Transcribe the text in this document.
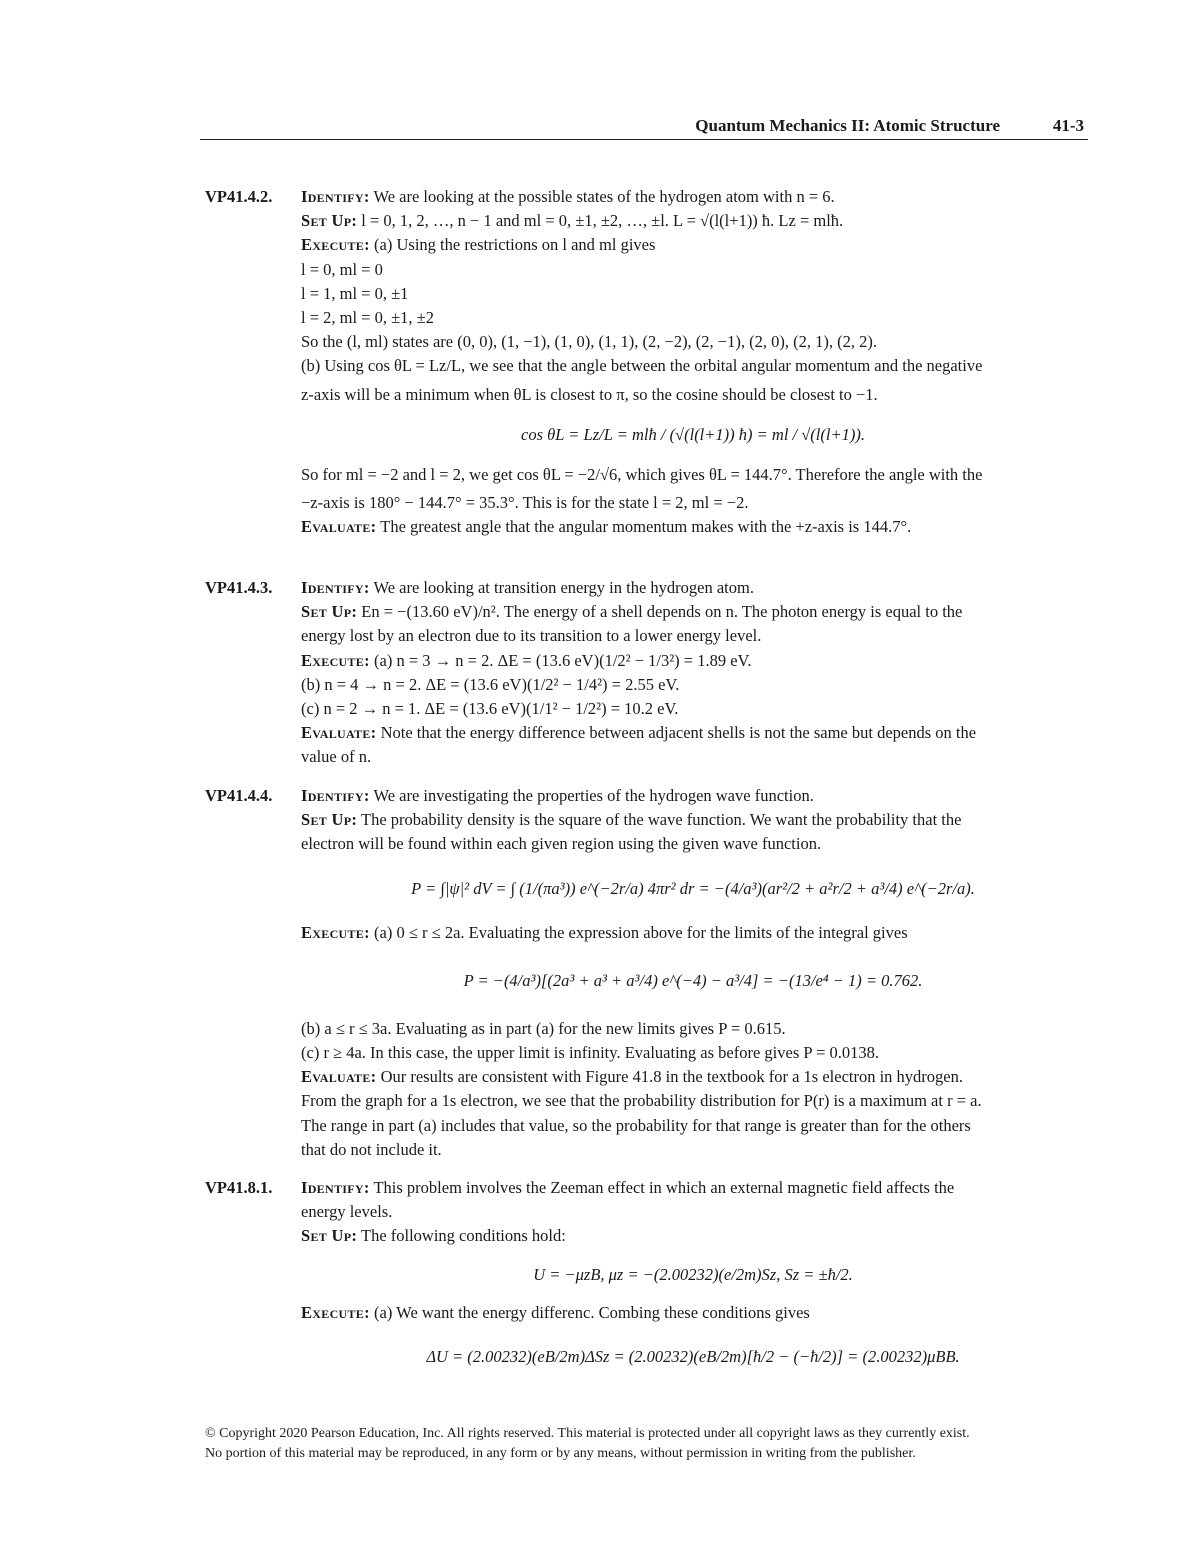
Quantum Mechanics II: Atomic Structure	41-3
VP41.4.2. Identify: We are looking at the possible states of the hydrogen atom with n = 6.
Set Up: l = 0, 1, 2, …, n − 1 and ml = 0, ±1, ±2, …, ±l. L = √(l(l+1)) ħ. Lz = mlħ.
Execute: (a) Using the restrictions on l and ml gives
l = 0, ml = 0
l = 1, ml = 0, ±1
l = 2, ml = 0, ±1, ±2
So the (l, ml) states are (0, 0), (1, −1), (1, 0), (1, 1), (2, −2), (2, −1), (2, 0), (2, 1), (2, 2).
(b) Using cos θL = Lz/L, we see that the angle between the orbital angular momentum and the negative
z-axis will be a minimum when θL is closest to π, so the cosine should be closest to −1.
cos θL = Lz/L = mlħ / (√(l(l+1)) ħ) = ml / √(l(l+1)).
So for ml = −2 and l = 2, we get cos θL = −2/√6, which gives θL = 144.7°. Therefore the angle with the
−z-axis is 180° − 144.7° = 35.3°. This is for the state l = 2, ml = −2.
Evaluate: The greatest angle that the angular momentum makes with the +z-axis is 144.7°.
VP41.4.3. Identify: We are looking at transition energy in the hydrogen atom.
Set Up: En = −(13.60 eV)/n². The energy of a shell depends on n. The photon energy is equal to the
energy lost by an electron due to its transition to a lower energy level.
Execute: (a) n = 3 → n = 2. ΔE = (13.6 eV)(1/2² − 1/3²) = 1.89 eV.
(b) n = 4 → n = 2. ΔE = (13.6 eV)(1/2² − 1/4²) = 2.55 eV.
(c) n = 2 → n = 1. ΔE = (13.6 eV)(1/1² − 1/2²) = 10.2 eV.
Evaluate: Note that the energy difference between adjacent shells is not the same but depends on the
value of n.
VP41.4.4. Identify: We are investigating the properties of the hydrogen wave function.
Set Up: The probability density is the square of the wave function. We want the probability that the
electron will be found within each given region using the given wave function.
P = ∫|ψ|² dV = ∫ (1/(πa³)) e^(−2r/a) 4πr² dr = −(4/a³)(ar²/2 + a²r/2 + a³/4) e^(−2r/a).
Execute: (a) 0 ≤ r ≤ 2a. Evaluating the expression above for the limits of the integral gives
P = −(4/a³)[(2a³ + a³ + a³/4) e^(−4) − a³/4] = −(13/e⁴ − 1) = 0.762.
(b) a ≤ r ≤ 3a. Evaluating as in part (a) for the new limits gives P = 0.615.
(c) r ≥ 4a. In this case, the upper limit is infinity. Evaluating as before gives P = 0.0138.
Evaluate: Our results are consistent with Figure 41.8 in the textbook for a 1s electron in hydrogen.
From the graph for a 1s electron, we see that the probability distribution for P(r) is a maximum at r = a.
The range in part (a) includes that value, so the probability for that range is greater than for the others
that do not include it.
VP41.8.1. Identify: This problem involves the Zeeman effect in which an external magnetic field affects the
energy levels.
Set Up: The following conditions hold:
U = −μzB, μz = −(2.00232)(e/2m)Sz, Sz = ±ħ/2.
Execute: (a) We want the energy differenc. Combing these conditions gives
ΔU = (2.00232)(eB/2m)ΔSz = (2.00232)(eB/2m)[ħ/2 − (−ħ/2)] = (2.00232)μBB.
© Copyright 2020 Pearson Education, Inc. All rights reserved. This material is protected under all copyright laws as they currently exist.
No portion of this material may be reproduced, in any form or by any means, without permission in writing from the publisher.
